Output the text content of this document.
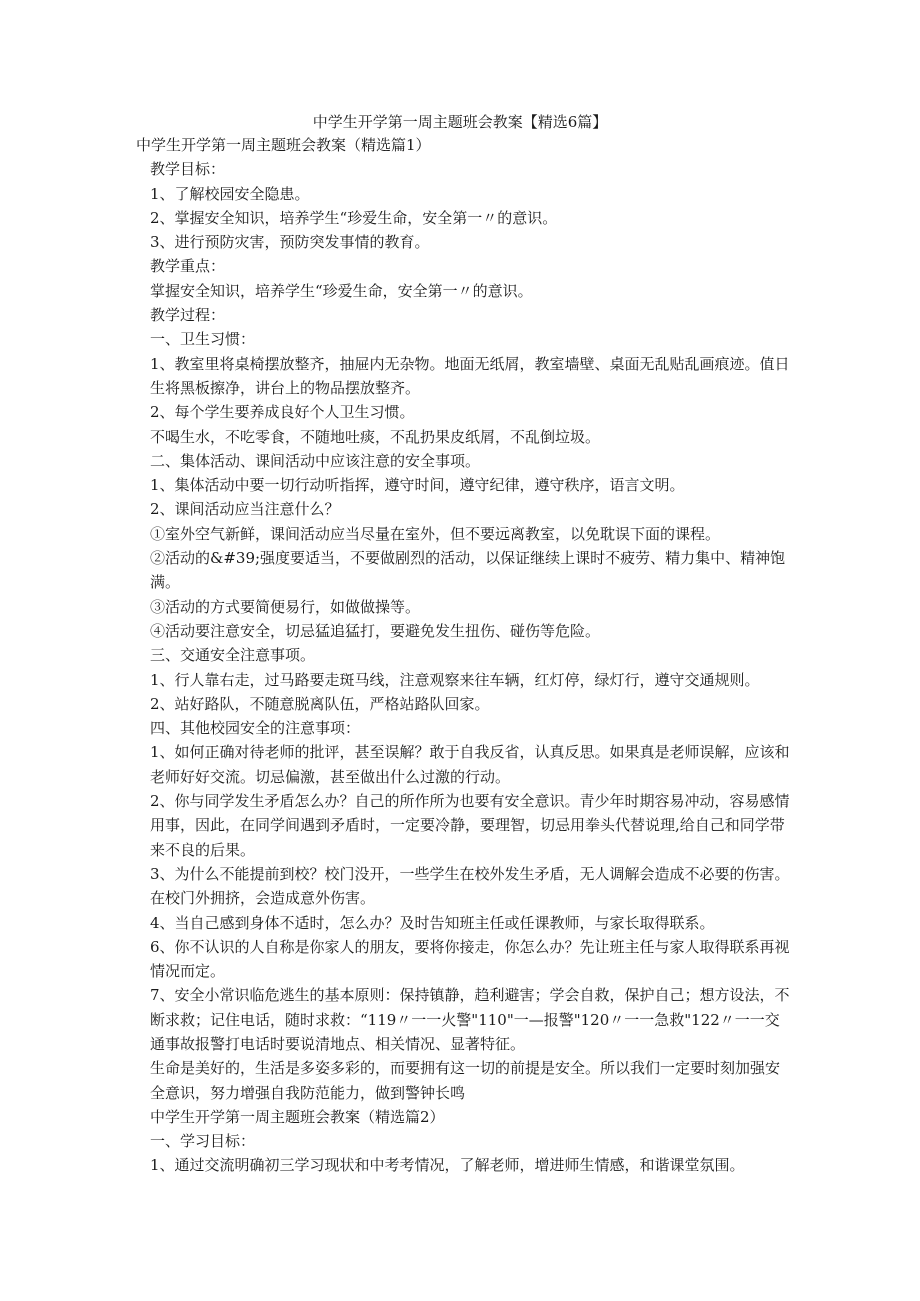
中学生开学第一周主题班会教案【精选6篇】

中学生开学第一周主题班会教案（精选篇1）

教学目标：

1、了解校园安全隐患。

2、掌握安全知识，培养学生“珍爱生命，安全第一〃的意识。

3、进行预防灾害，预防突发事情的教育。

教学重点：

掌握安全知识，培养学生“珍爱生命，安全第一〃的意识。

教学过程：

一、卫生习惯：

1、教室里将桌椅摆放整齐，抽屉内无杂物。地面无纸屑，教室墙壁、桌面无乱贴乱画痕迹。值日生将黑板擦净，讲台上的物品摆放整齐。

2、每个学生要养成良好个人卫生习惯。

不喝生水，不吃零食，不随地吐痰，不乱扔果皮纸屑，不乱倒垃圾。

二、集体活动、课间活动中应该注意的安全事项。

1、集体活动中要一切行动听指挥，遵守时间，遵守纪律，遵守秩序，语言文明。

2、课间活动应当注意什么？

①室外空气新鲜，课间活动应当尽量在室外，但不要远离教室，以免耽误下面的课程。

②活动的&#39;强度要适当，不要做剧烈的活动，以保证继续上课时不疲劳、精力集中、精神饱满。

③活动的方式要简便易行，如做做操等。

④活动要注意安全，切忌猛追猛打，要避免发生扭伤、碰伤等危险。

三、交通安全注意事项。

1、行人靠右走，过马路要走斑马线，注意观察来往车辆，红灯停，绿灯行，遵守交通规则。

2、站好路队，不随意脱离队伍，严格站路队回家。

四、其他校园安全的注意事项：

1、如何正确对待老师的批评，甚至误解？敢于自我反省，认真反思。如果真是老师误解，应该和老师好好交流。切忌偏激，甚至做出什么过激的行动。

2、你与同学发生矛盾怎么办？自己的所作所为也要有安全意识。青少年时期容易冲动，容易感情用事，因此，在同学间遇到矛盾时，一定要冷静，要理智，切忌用拳头代替说理,给自己和同学带来不良的后果。

3、为什么不能提前到校？校门没开，一些学生在校外发生矛盾，无人调解会造成不必要的伤害。在校门外拥挤，会造成意外伤害。

4、当自己感到身体不适时，怎么办？及时告知班主任或任课教师，与家长取得联系。

6、你不认识的人自称是你家人的朋友，要将你接走，你怎么办？先让班主任与家人取得联系再视情况而定。

7、安全小常识临危逃生的基本原则：保持镇静，趋利避害；学会自救，保护自己；想方设法，不断求救；记住电话，随时求救：“119〃一一火警"110"一—报警"120〃一一急救"122〃一一交通事故报警打电话时要说清地点、相关情况、显著特征。

生命是美好的，生活是多姿多彩的，而要拥有这一切的前提是安全。所以我们一定要时刻加强安全意识，努力增强自我防范能力，做到警钟长鸣

中学生开学第一周主题班会教案（精选篇2）

一、学习目标：

1、通过交流明确初三学习现状和中考考情况，了解老师，增进师生情感，和谐课堂氛围。
